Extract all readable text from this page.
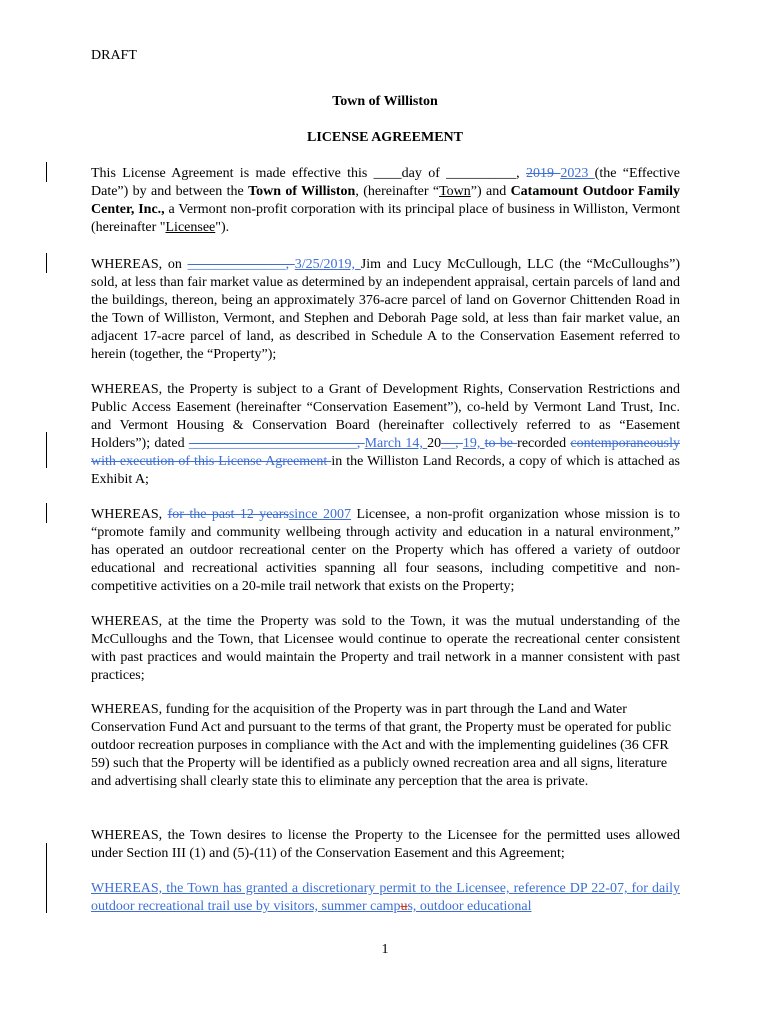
DRAFT
Town of Williston
LICENSE AGREEMENT
This License Agreement is made effective this ____day of __________, 2019 2023 (the “Effective Date”) by and between the Town of Williston, (hereinafter “Town”) and Catamount Outdoor Family Center, Inc., a Vermont non-profit corporation with its principal place of business in Williston, Vermont (hereinafter "Licensee").
WHEREAS, on ______________, 3/25/2019, Jim and Lucy McCullough, LLC (the “McCulloughs”) sold, at less than fair market value as determined by an independent appraisal, certain parcels of land and the buildings, thereon, being an approximately 376-acre parcel of land on Governor Chittenden Road in the Town of Williston, Vermont, and Stephen and Deborah Page sold, at less than fair market value, an adjacent 17-acre parcel of land, as described in Schedule A to the Conservation Easement referred to herein (together, the “Property”);
WHEREAS, the Property is subject to a Grant of Development Rights, Conservation Restrictions and Public Access Easement (hereinafter “Conservation Easement”), co-held by Vermont Land Trust, Inc. and Vermont Housing & Conservation Board (hereinafter collectively referred to as “Easement Holders”); dated ________________________, March 14, 20__, 19, to be recorded contemporaneously with execution of this License Agreement in the Williston Land Records, a copy of which is attached as Exhibit A;
WHEREAS, for the past 12 yearssince 2007 Licensee, a non-profit organization whose mission is to “promote family and community wellbeing through activity and education in a natural environment,” has operated an outdoor recreational center on the Property which has offered a variety of outdoor educational and recreational activities spanning all four seasons, including competitive and non-competitive activities on a 20-mile trail network that exists on the Property;
WHEREAS, at the time the Property was sold to the Town, it was the mutual understanding of the McCulloughs and the Town, that Licensee would continue to operate the recreational center consistent with past practices and would maintain the Property and trail network in a manner consistent with past practices;
WHEREAS, funding for the acquisition of the Property was in part through the Land and Water Conservation Fund Act and pursuant to the terms of that grant, the Property must be operated for public outdoor recreation purposes in compliance with the Act and with the implementing guidelines (36 CFR 59) such that the Property will be identified as a publicly owned recreation area and all signs, literature and advertising shall clearly state this to eliminate any perception that the area is private.
WHEREAS, the Town desires to license the Property to the Licensee for the permitted uses allowed under Section III (1) and (5)-(11) of the Conservation Easement and this Agreement;
WHEREAS, the Town has granted a discretionary permit to the Licensee, reference DP 22-07, for daily outdoor recreational trail use by visitors, summer campus, outdoor educational
1
